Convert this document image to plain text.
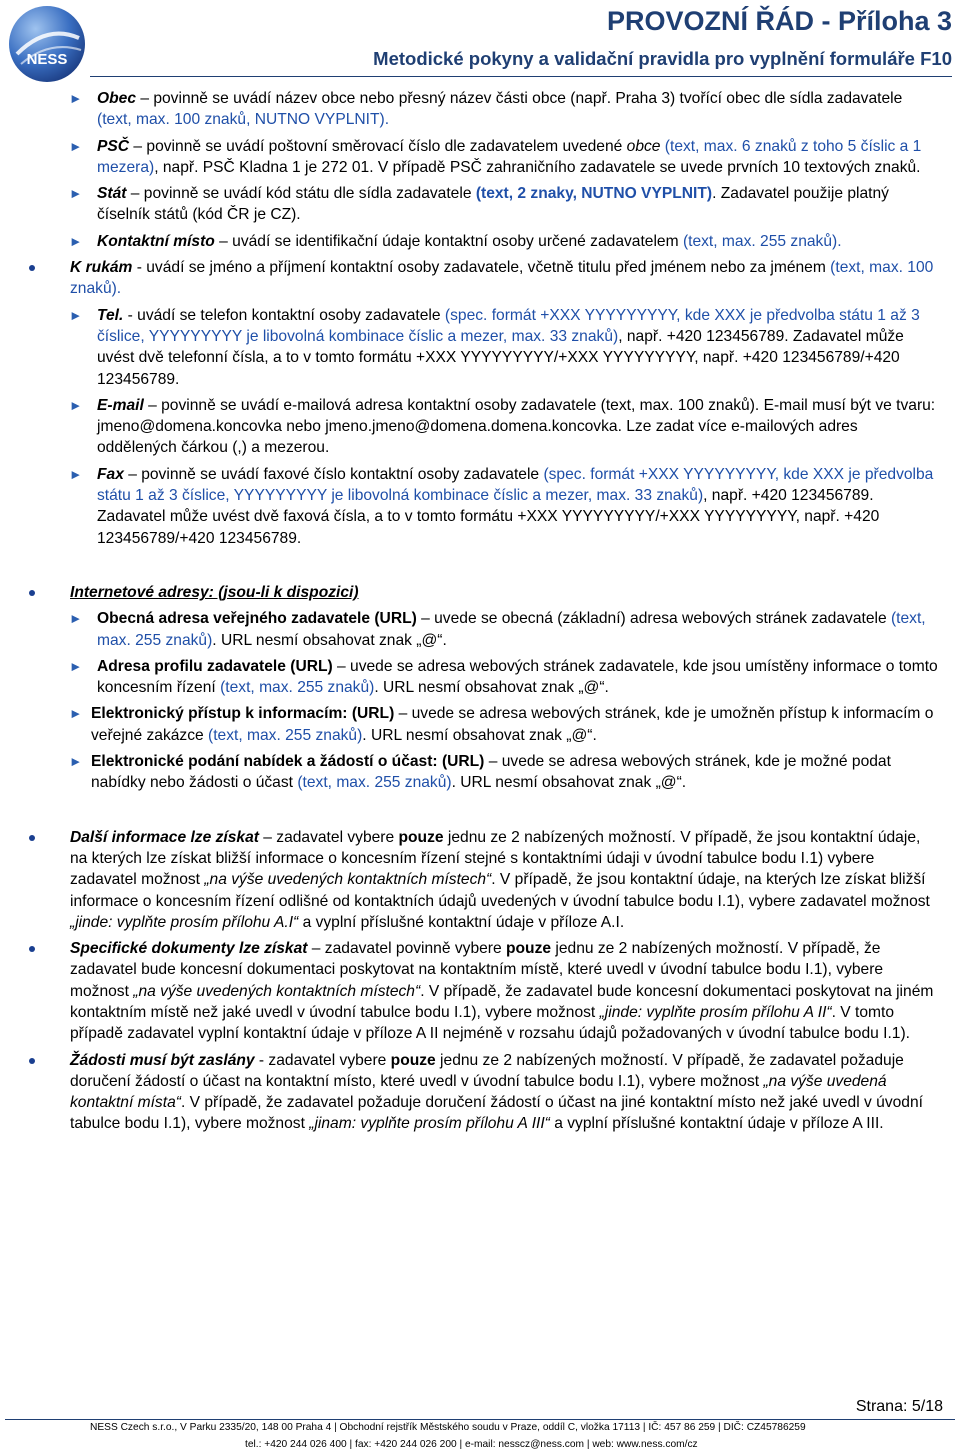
NESS
PROVOZNÍ ŘÁD - Příloha 3
Metodické pokyny a validační pravidla pro vyplnění formuláře F10
► Obec – povinně se uvádí název obce nebo přesný název části obce (např. Praha 3) tvořící obec dle sídla zadavatele (text, max. 100 znaků, NUTNO VYPLNIT).
► PSČ – povinně se uvádí poštovní směrovací číslo dle zadavatelem uvedené obce (text, max. 6 znaků z toho 5 číslic a 1 mezera), např. PSČ Kladna 1 je 272 01. V případě PSČ zahraničního zadavatele se uvede prvních 10 textových znaků.
► Stát – povinně se uvádí kód státu dle sídla zadavatele (text, 2 znaky, NUTNO VYPLNIT). Zadavatel použije platný číselník států (kód ČR je CZ).
► Kontaktní místo – uvádí se identifikační údaje kontaktní osoby určené zadavatelem (text, max. 255 znaků).
K rukám - uvádí se jméno a příjmení kontaktní osoby zadavatele, včetně titulu před jménem nebo za jménem (text, max. 100 znaků).
► Tel. - uvádí se telefon kontaktní osoby zadavatele (spec. formát +XXX YYYYYYYYY, kde XXX je předvolba státu 1 až 3 číslice, YYYYYYYYY je libovolná kombinace číslic a mezer, max. 33 znaků), např. +420 123456789. Zadavatel může uvést dvě telefonní čísla, a to v tomto formátu +XXX YYYYYYYYY/+XXX YYYYYYYYY, např. +420 123456789/+420 123456789.
► E-mail – povinně se uvádí e-mailová adresa kontaktní osoby zadavatele (text, max. 100 znaků). E-mail musí být ve tvaru: jmeno@domena.koncovka nebo jmeno.jmeno@domena.domena.koncovka. Lze zadat více e-mailových adres oddělených čárkou (,) a mezerou.
► Fax – povinně se uvádí faxové číslo kontaktní osoby zadavatele (spec. formát +XXX YYYYYYYYY, kde XXX je předvolba státu 1 až 3 číslice, YYYYYYYYY je libovolná kombinace číslic a mezer, max. 33 znaků), např. +420 123456789. Zadavatel může uvést dvě faxová čísla, a to v tomto formátu +XXX YYYYYYYYY/+XXX YYYYYYYYY, např. +420 123456789/+420 123456789.
Internetové adresy: (jsou-li k dispozici)
► Obecná adresa veřejného zadavatele (URL) – uvede se obecná (základní) adresa webových stránek zadavatele (text, max. 255 znaků). URL nesmí obsahovat znak „@“.
► Adresa profilu zadavatele (URL) – uvede se adresa webových stránek zadavatele, kde jsou umístěny informace o tomto koncesním řízení (text, max. 255 znaků). URL nesmí obsahovat znak „@“.
► Elektronický přístup k informacím: (URL) – uvede se adresa webových stránek, kde je umožněn přístup k informacím o veřejné zakázce (text, max. 255 znaků). URL nesmí obsahovat znak „@“.
► Elektronické podání nabídek a žádostí o účast: (URL) – uvede se adresa webových stránek, kde je možné podat nabídky nebo žádosti o účast (text, max. 255 znaků). URL nesmí obsahovat znak „@“.
Další informace lze získat – zadavatel vybere pouze jednu ze 2 nabízených možností. V případě, že jsou kontaktní údaje, na kterých lze získat bližší informace o koncesním řízení stejné s kontaktními údaji v úvodní tabulce bodu I.1) vybere zadavatel možnost „na výše uvedených kontaktních místech“. V případě, že jsou kontaktní údaje, na kterých lze získat bližší informace o koncesním řízení odlišné od kontaktních údajů uvedených v úvodní tabulce bodu I.1), vybere zadavatel možnost „jinde: vyplňte prosím přílohu A.I“ a vyplní příslušné kontaktní údaje v příloze A.I.
Specifické dokumenty lze získat – zadavatel povinně vybere pouze jednu ze 2 nabízených možností. V případě, že zadavatel bude koncesní dokumentaci poskytovat na kontaktním místě, které uvedl v úvodní tabulce bodu I.1), vybere možnost „na výše uvedených kontaktních místech“. V případě, že zadavatel bude koncesní dokumentaci poskytovat na jiném kontaktním místě než jaké uvedl v úvodní tabulce bodu I.1), vybere možnost „jinde: vyplňte prosím přílohu A II“. V tomto případě zadavatel vyplní kontaktní údaje v příloze A II nejméně v rozsahu údajů požadovaných v úvodní tabulce bodu I.1).
Žádosti musí být zaslány - zadavatel vybere pouze jednu ze 2 nabízených možností. V případě, že zadavatel požaduje doručení žádostí o účast na kontaktní místo, které uvedl v úvodní tabulce bodu I.1), vybere možnost „na výše uvedená kontaktní místa“. V případě, že zadavatel požaduje doručení žádostí o účast na jiné kontaktní místo než jaké uvedl v úvodní tabulce bodu I.1), vybere možnost „jinam: vyplňte prosím přílohu A III“ a vyplní příslušné kontaktní údaje v příloze A III.
Strana: 5/18
NESS Czech s.r.o., V Parku 2335/20, 148 00 Praha 4 | Obchodní rejstřík Městského soudu v Praze, oddíl C, vložka 17113 | IČ: 457 86 259 | DIČ: CZ45786259
tel.: +420 244 026 400 | fax: +420 244 026 200 | e-mail: nesscz@ness.com | web: www.ness.com/cz
